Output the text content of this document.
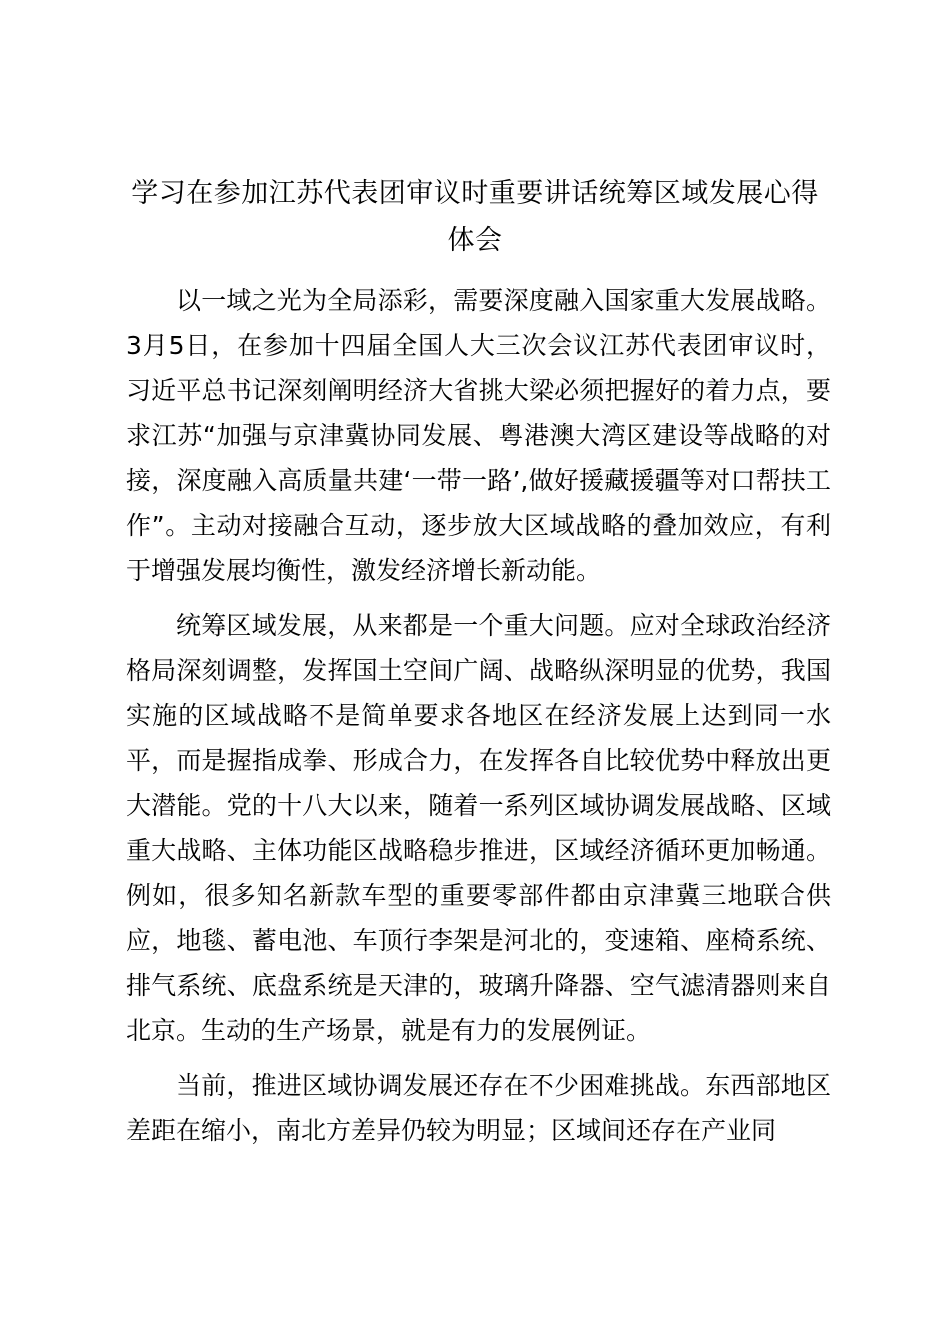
学习在参加江苏代表团审议时重要讲话统筹区域发展心得体会

以一域之光为全局添彩，需要深度融入国家重大发展战略。3月5日，在参加十四届全国人大三次会议江苏代表团审议时，习近平总书记深刻阐明经济大省挑大梁必须把握好的着力点，要求江苏“加强与京津冀协同发展、粤港澳大湾区建设等战略的对接，深度融入高质量共建‘一带一路’,做好援藏援疆等对口帮扶工作”。主动对接融合互动，逐步放大区域战略的叠加效应，有利于增强发展均衡性，激发经济增长新动能。

统筹区域发展，从来都是一个重大问题。应对全球政治经济格局深刻调整，发挥国土空间广阔、战略纵深明显的优势，我国实施的区域战略不是简单要求各地区在经济发展上达到同一水平，而是握指成拳、形成合力，在发挥各自比较优势中释放出更大潜能。党的十八大以来，随着一系列区域协调发展战略、区域重大战略、主体功能区战略稳步推进，区域经济循环更加畅通。例如，很多知名新款车型的重要零部件都由京津冀三地联合供应，地毯、蓄电池、车顶行李架是河北的，变速箱、座椅系统、排气系统、底盘系统是天津的，玻璃升降器、空气滤清器则来自北京。生动的生产场景，就是有力的发展例证。

当前，推进区域协调发展还存在不少困难挑战。东西部地区差距在缩小，南北方差异仍较为明显；区域间还存在产业同
